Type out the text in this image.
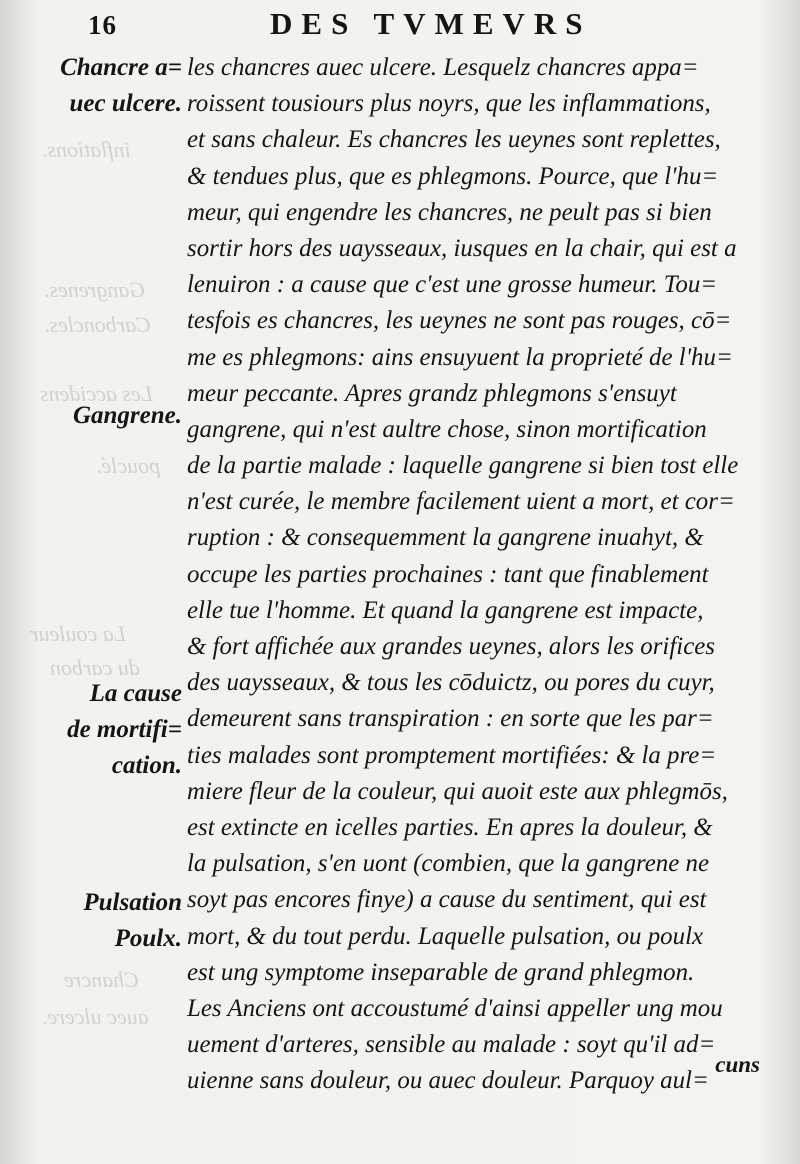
inflations.
Gangrenes.
Carboncles.
Les accidens
pouclé.
La couleur
du carbon
Chancre
auec ulcere.
16	DES TVMEVRS
Chancre a=
uec ulcere.
Gangrene.
La cause
de mortifi=
cation.
Pulsation
Poulx.
les chancres auec ulcere. Lesquelz chancres appa=
roissent tousiours plus noyrs, que les inflammations,
et sans chaleur. Es chancres les ueynes sont replettes,
& tendues plus, que es phlegmons. Pource, que l'hu=
meur, qui engendre les chancres, ne peult pas si bien
sortir hors des uaysseaux, iusques en la chair, qui est a
lenuiron : a cause que c'est une grosse humeur. Tou=
tesfois es chancres, les ueynes ne sont pas rouges, cō=
me es phlegmons: ains ensuyuent la proprieté de l'hu=
meur peccante. Apres grandz phlegmons s'ensuyt
gangrene, qui n'est aultre chose, sinon mortification
de la partie malade : laquelle gangrene si bien tost elle
n'est curée, le membre facilement uient a mort, et cor=
ruption : & consequemment la gangrene inuahyt, &
occupe les parties prochaines : tant que finablement
elle tue l'homme. Et quand la gangrene est impacte,
& fort affichée aux grandes ueynes, alors les orifices
des uaysseaux, & tous les cōduictz, ou pores du cuyr,
demeurent sans transpiration : en sorte que les par=
ties malades sont promptement mortifiées: & la pre=
miere fleur de la couleur, qui auoit este aux phlegmōs,
est extincte en icelles parties. En apres la douleur, &
la pulsation, s'en uont (combien, que la gangrene ne
soyt pas encores finye) a cause du sentiment, qui est
mort, & du tout perdu. Laquelle pulsation, ou poulx
est ung symptome inseparable de grand phlegmon.
Les Anciens ont accoustumé d'ainsi appeller ung mou
uement d'arteres, sensible au malade : soyt qu'il ad=
uienne sans douleur, ou auec douleur. Parquoy aul=
cuns
